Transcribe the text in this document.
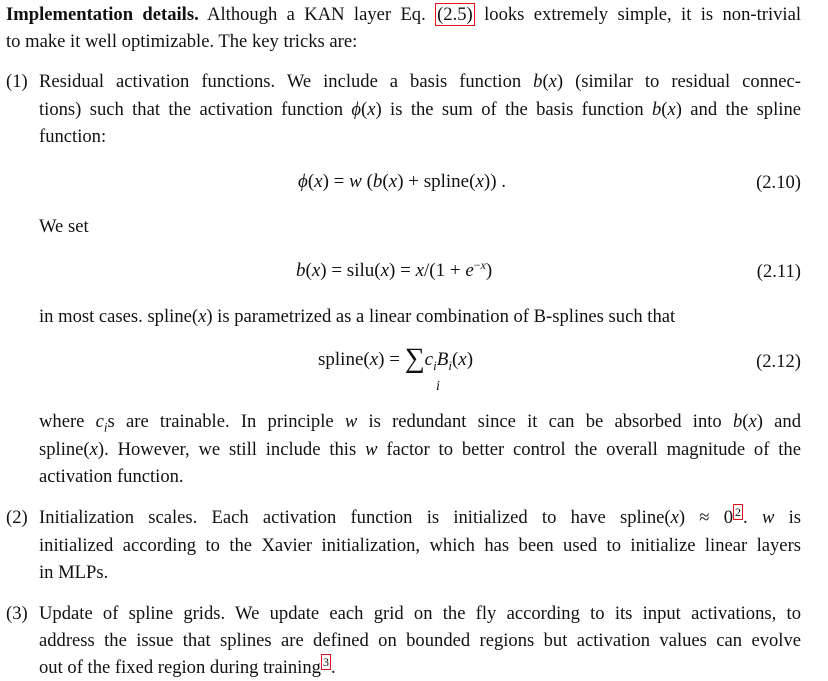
Implementation details. Although a KAN layer Eq. (2.5) looks extremely simple, it is non-trivial
to make it well optimizable. The key tricks are:
(1) Residual activation functions. We include a basis function b(x) (similar to residual connec-
tions) such that the activation function ϕ(x) is the sum of the basis function b(x) and the spline
function:
ϕ(x) = w (b(x) + spline(x)) .	(2.10)
We set
b(x) = silu(x) = $x/(1 + e^{-x})$	(2.11)
in most cases. spline(x) is parametrized as a linear combination of B-splines such that
spline(x) = $\sum c_iB_i(x)$
i
(2.12)
where $c_is$ are trainable. In principle w is redundant since it can be absorbed into b(x) and
spline(x). However, we still include this w factor to better control the overall magnitude of the
activation function.
(2) Initialization scales. Each activation function is initialized to have spline(x) ≈ 0 $^2$ . w is
initialized according to the Xavier initialization, which has been used to initialize linear layers
in MLPs.
(3) Update of spline grids. We update each grid on the fly according to its input activations, to
address the issue that splines are defined on bounded regions but activation values can evolve
out of the fixed region during training $^3$ .
